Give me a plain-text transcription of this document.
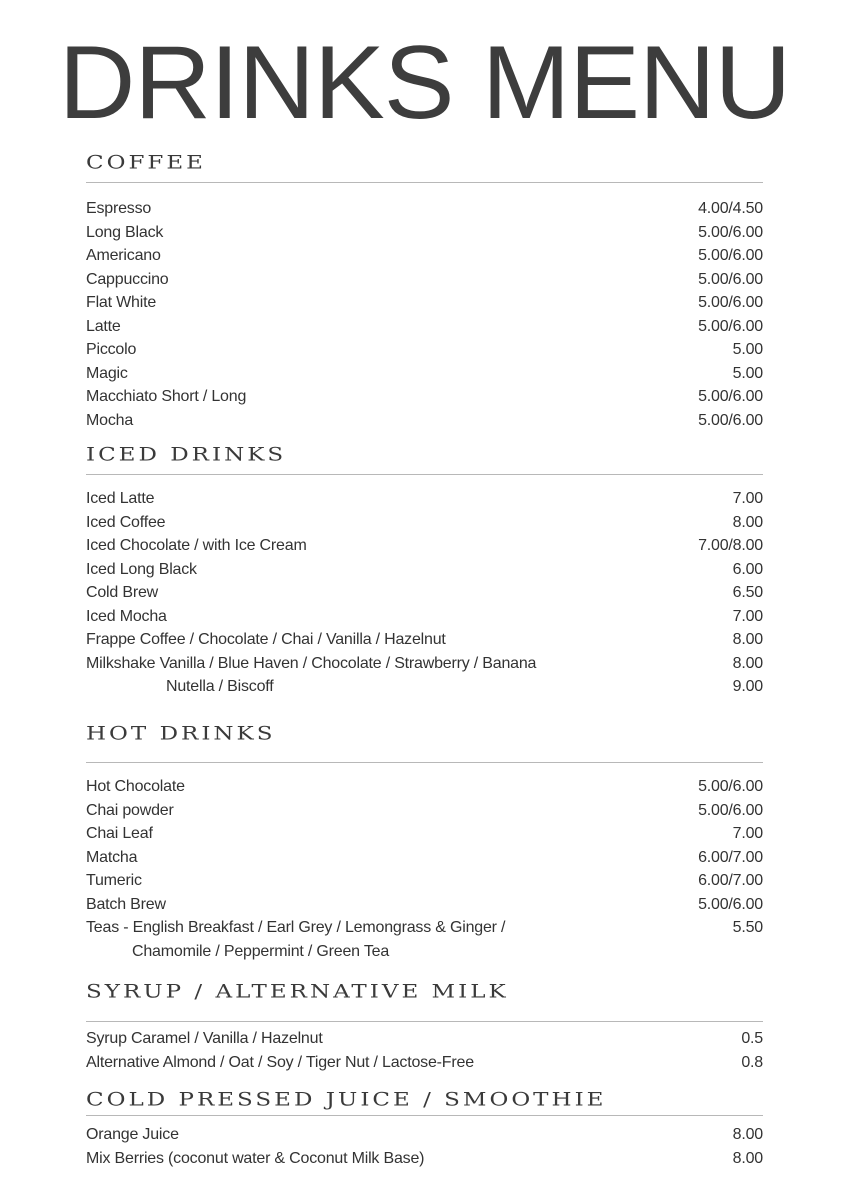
DRINKS MENU
COFFEE
Espresso	4.00/4.50
Long Black	5.00/6.00
Americano	5.00/6.00
Cappuccino	5.00/6.00
Flat White	5.00/6.00
Latte	5.00/6.00
Piccolo	5.00
Magic	5.00
Macchiato Short / Long	5.00/6.00
Mocha	5.00/6.00
ICED DRINKS
Iced Latte	7.00
Iced Coffee	8.00
Iced Chocolate / with Ice Cream	7.00/8.00
Iced Long Black	6.00
Cold Brew	6.50
Iced Mocha	7.00
Frappe Coffee / Chocolate / Chai / Vanilla / Hazelnut	8.00
Milkshake Vanilla / Blue Haven / Chocolate / Strawberry / Banana	8.00
Nutella / Biscoff	9.00
HOT DRINKS
Hot Chocolate	5.00/6.00
Chai powder	5.00/6.00
Chai Leaf	7.00
Matcha	6.00/7.00
Tumeric	6.00/7.00
Batch Brew	5.00/6.00
Teas - English Breakfast / Earl Grey / Lemongrass & Ginger /	5.50
Chamomile / Peppermint / Green Tea
SYRUP / ALTERNATIVE MILK
Syrup Caramel / Vanilla / Hazelnut	0.5
Alternative Almond / Oat / Soy / Tiger Nut / Lactose-Free	0.8
COLD PRESSED JUICE / SMOOTHIE
Orange Juice	8.00
Mix Berries (coconut water & Coconut Milk Base)	8.00
